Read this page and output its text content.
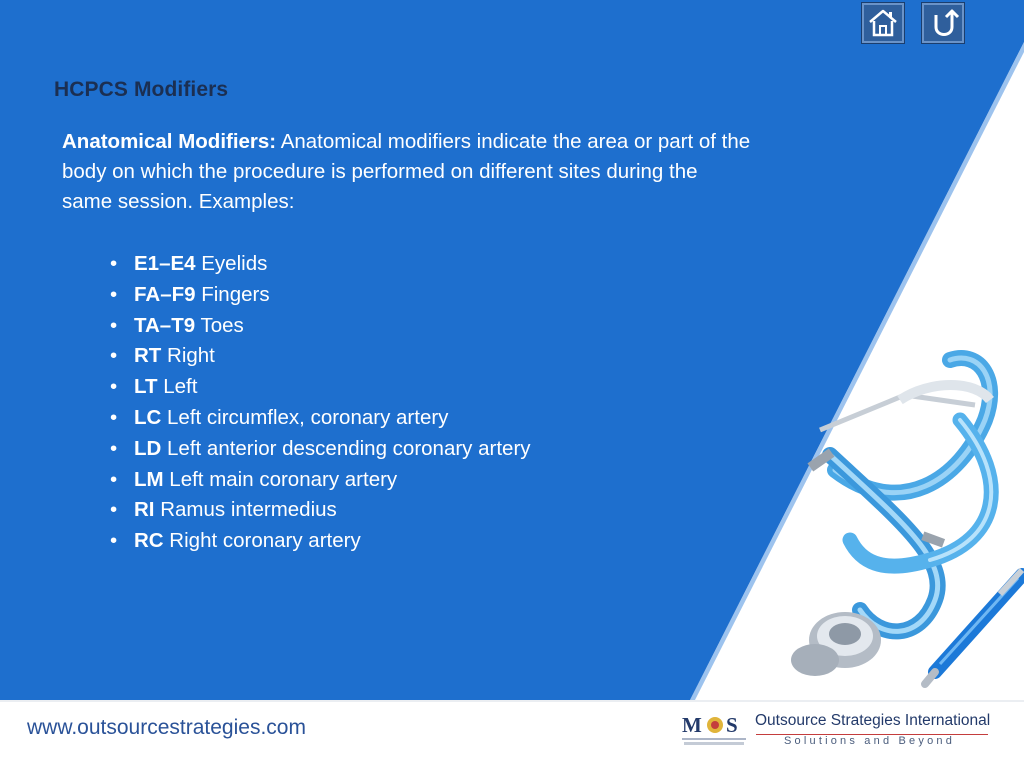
HCPCS Modifiers
Anatomical Modifiers: Anatomical modifiers indicate the area or part of the body on which the procedure is performed on different sites during the same session. Examples:
• E1–E4 Eyelids
• FA–F9 Fingers
• TA–T9 Toes
• RT Right
• LT Left
• LC Left circumflex, coronary artery
• LD Left anterior descending coronary artery
• LM Left main coronary artery
• RI Ramus intermedius
• RC Right coronary artery
www.outsourcestrategies.com	M S Outsource Strategies International
Solutions and Beyond
